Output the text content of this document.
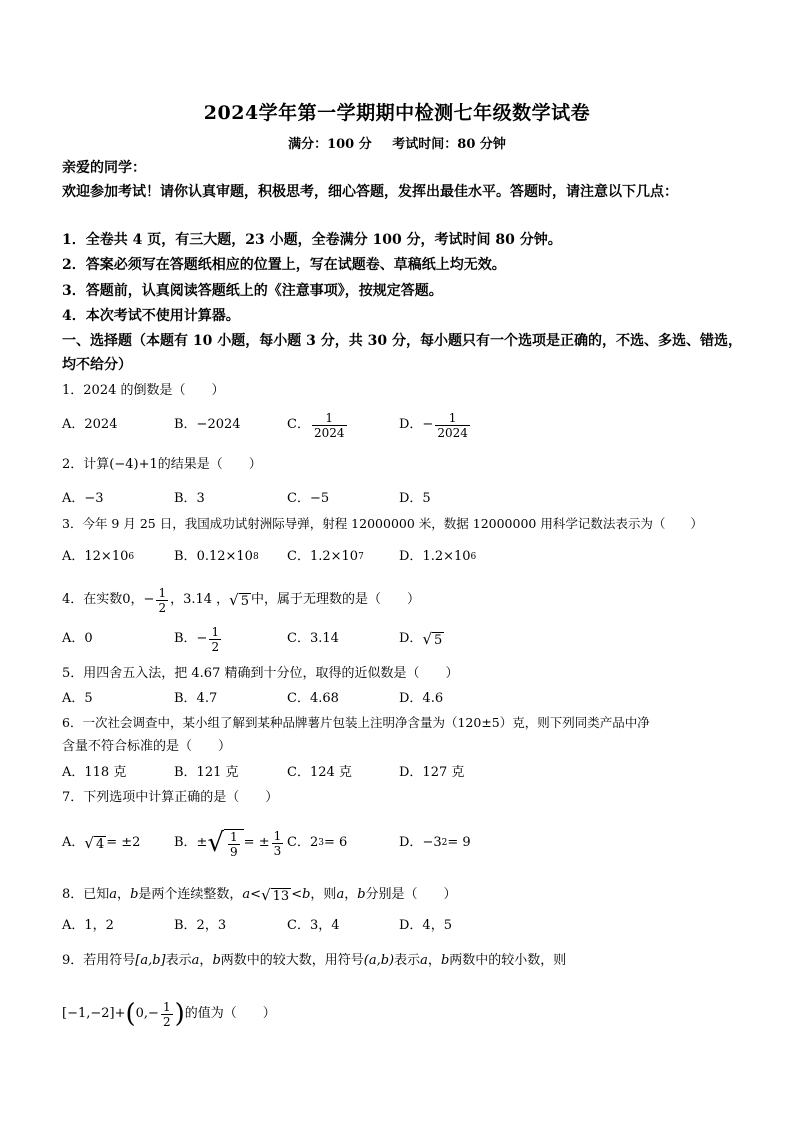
2024学年第一学期期中检测七年级数学试卷
满分：100 分 考试时间：80 分钟
亲爱的同学：
欢迎参加考试！请你认真审题，积极思考，细心答题，发挥出最佳水平。答题时，请注意以下几点：
1．全卷共 4 页，有三大题，23 小题，全卷满分 100 分，考试时间 80 分钟。
2．答案必须写在答题纸相应的位置上，写在试题卷、草稿纸上均无效。
3．答题前，认真阅读答题纸上的《注意事项》，按规定答题。
4．本次考试不使用计算器。
一、选择题（本题有 10 小题，每小题 3 分，共 30 分，每小题只有一个选项是正确的，不选、多选、错选，均不给分）
1．2024 的倒数是（　　）
A．2024	B．−2024	C． $\frac{1}{2024}$	D．− $\frac{1}{2024}$
2．计算(−4)+1的结果是（　　）
A．−3	B．3	C．−5	D．5
3．今年 9 月 25 日，我国成功试射洲际导弹，射程 12000000 米，数据 12000000 用科学记数法表示为（　　）
A． 12×10 6	B． 0.12×10 8 C． 1.2×10 7	D． 1.2×10 6
4．在实数 0，− $\frac{1}{2}$ ，3.14 ， √ 5 中，属于无理数的是（　　）
A．0	B．− $\frac{1}{2}$	C．3.14	D． √ 5
5．用四舍五入法，把 4.67 精确到十分位，取得的近似数是（　　）
A．5	B．4.7	C．4.68	D．4.6
6．一次社会调查中，某小组了解到某种品牌薯片包装上注明净含量为（120±5）克，则下列同类产品中净
含量不符合标准的是（　　）
A．118 克	B．121 克	C．124 克	D．127 克
7．下列选项中计算正确的是（　　）
A． √ 4 = ±2	B．± √ $\frac{1}{9}$ = ± $\frac{1}{3}$ C． 2 3 = 6	D． −3 2 = 9
8．已知 a ， b 是两个连续整数， a < √ 13 < b ，则 a ， b 分别是（　　）
A．1，2	B．2，3	C．3，4	D．4，5
9．若用符号 [a,b] 表示 a ， b 两数中的较大数，用符号 (a,b) 表示 a ， b 两数中的较小数，则
[−1,−2]+ ( $0,- \frac{1}{2}$ ) 的值为（　　）
